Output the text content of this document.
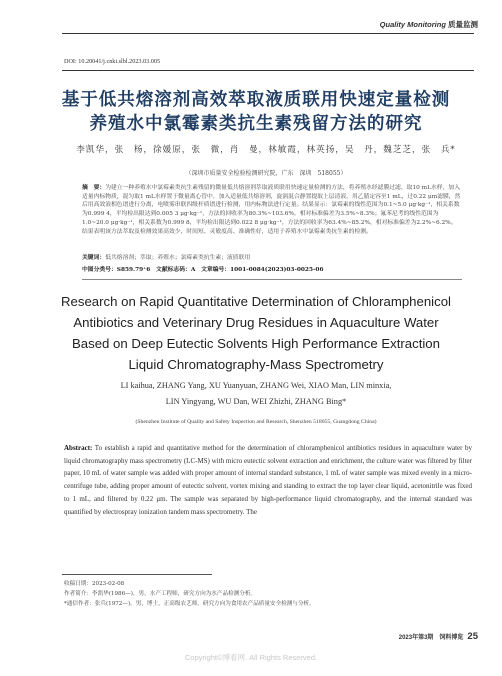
Quality Monitoring 质量监测
DOI: 10.20041/j.cnki.slbl.2023.03.005
基于低共熔溶剂高效萃取液质联用快速定量检测
养殖水中氯霉素类抗生素残留方法的研究
李凯华，张　杨，徐媛原，张　微，肖　曼，林敏霞，林英扬，吴　丹，魏芝芝，张　兵*
（深圳市质量安全检验检测研究院，广东　深圳　518055）
摘　要：为建立一种养殖水中氯霉素类抗生素残留的微量低共熔溶剂萃取液质联用快速定量检测的方法，将养殖水经滤膜过滤，取10 mL水样，加入适量内标物质，混匀取1 mL水样置于微量离心管中，加入适量低共熔溶剂，旋涡混合静置提取上层清液，用乙腈定容至1 mL，过0.22 μm滤膜，然后用高效液相色谱进行分离，电喷雾串联四级杆质谱进行检测，用内标物法进行定量。结果显示：氯霉素的线性范围为0.1~5.0 μg·kg⁻¹，相关系数为0.999 4，平均检出限达到0.005 3 μg·kg⁻¹，方法的回收率为80.3%~103.6%，相对标准偏差为3.5%~8.3%；氟苯尼考的线性范围为1.0~20.0 μg·kg⁻¹，相关系数为0.999 8，平均检出限达到0.022 8 μg·kg⁻¹，方法的回收率为63.4%~85.2%，相对标准偏差为2.2%~6.2%。结果表明该方法萃取及检测效果高效少、时间短、灵敏度高、准确性好，适用于养殖水中氯霉素类抗生素的检测。
关键词：低共熔溶剂；萃取；养殖水；氯霉素类抗生素；液质联用
中图分类号：S859.79⁺6　文献标志码：A　文章编号：1001-0084(2023)03-0025-06
Research on Rapid Quantitative Determination of Chloramphenicol
Antibiotics and Veterinary Drug Residues in Aquaculture Water
Based on Deep Eutectic Solvents High Performance Extraction
Liquid Chromatography-Mass Spectrometry
LI kaihua, ZHANG Yang, XU Yuanyuan, ZHANG Wei, XIAO Man, LIN minxia,
LIN Yingyang, WU Dan, WEI Zhizhi, ZHANG Bing*
(Shenzhen Institute of Quality and Safety Inspection and Research, Shenzhen 518055, Guangdong China)
Abstract: To establish a rapid and quantitative method for the determination of chloramphenicol antibiotics residues in aquaculture water by liquid chromatography mass spectrometry (LC-MS) with micro eutectic solvent extraction and enrichment, the culture water was filtered by filter paper, 10 mL of water sample was added with proper amount of internal standard substance, 1 mL of water sample was mixed evenly in a micro-centrifuge tube, adding proper amount of eutectic solvent, vortex mixing and standing to extract the top layer clear liquid, acetonitrile was fixed to 1 mL, and filtered by 0.22 μm. The sample was separated by high-performance liquid chromatography, and the internal standard was quantified by electrospray ionization tandem mass spectrometry. The
收稿日期：2023-02-08
作者简介：李凯华(1986—)，男，水产工程师，研究方向为水产品检测分析。
*通信作者：张兵(1972—)，男，博士，正高级农艺师，研究方向为食用农产品质量安全检测与分析。
2023年第3期　饲料博览 25
Copyright©博看网. All Rights Reserved.
